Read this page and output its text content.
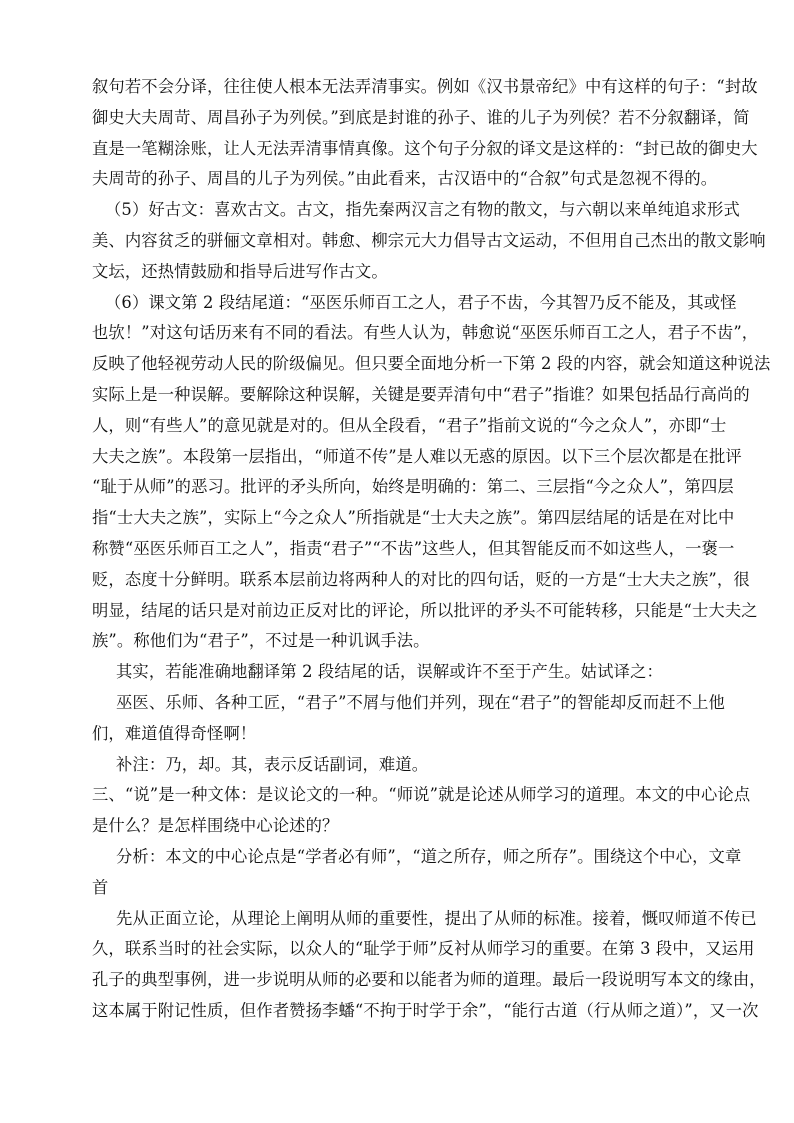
叙句若不会分译，往往使人根本无法弄清事实。例如《汉书景帝纪》中有这样的句子：“封故
御史大夫周苛、周昌孙子为列侯。”到底是封谁的孙子、谁的儿子为列侯？若不分叙翻译，简
直是一笔糊涂账，让人无法弄清事情真像。这个句子分叙的译文是这样的：“封已故的御史大
夫周苛的孙子、周昌的儿子为列侯。”由此看来，古汉语中的“合叙”句式是忽视不得的。
（5）好古文：喜欢古文。古文，指先秦两汉言之有物的散文，与六朝以来单纯追求形式
美、内容贫乏的骈俪文章相对。韩愈、柳宗元大力倡导古文运动，不但用自己杰出的散文影响
文坛，还热情鼓励和指导后进写作古文。
（6）课文第 2 段结尾道：“巫医乐师百工之人，君子不齿，今其智乃反不能及，其或怪
也欤！”对这句话历来有不同的看法。有些人认为，韩愈说“巫医乐师百工之人，君子不齿”，
反映了他轻视劳动人民的阶级偏见。但只要全面地分析一下第 2 段的内容，就会知道这种说法
实际上是一种误解。要解除这种误解，关键是要弄清句中“君子”指谁？如果包括品行高尚的
人，则“有些人”的意见就是对的。但从全段看，“君子”指前文说的“今之众人”，亦即“士
大夫之族”。本段第一层指出，“师道不传”是人难以无惑的原因。以下三个层次都是在批评
“耻于从师”的恶习。批评的矛头所向，始终是明确的：第二、三层指“今之众人”，第四层
指“士大夫之族”，实际上“今之众人”所指就是“士大夫之族”。第四层结尾的话是在对比中
称赞“巫医乐师百工之人”，指责“君子”“不齿”这些人，但其智能反而不如这些人，一褒一
贬，态度十分鲜明。联系本层前边将两种人的对比的四句话，贬的一方是“士大夫之族”，很
明显，结尾的话只是对前边正反对比的评论，所以批评的矛头不可能转移，只能是“士大夫之
族”。称他们为“君子”，不过是一种讥讽手法。
其实，若能准确地翻译第 2 段结尾的话，误解或许不至于产生。姑试译之：
巫医、乐师、各种工匠，“君子”不屑与他们并列，现在“君子”的智能却反而赶不上他
们，难道值得奇怪啊！
补注：乃，却。其，表示反话副词，难道。
三、“说”是一种文体：是议论文的一种。“师说”就是论述从师学习的道理。本文的中心论点
是什么？是怎样围绕中心论述的？
分析：本文的中心论点是“学者必有师”，“道之所存，师之所存”。围绕这个中心，文章
首
先从正面立论，从理论上阐明从师的重要性，提出了从师的标准。接着，慨叹师道不传已
久，联系当时的社会实际，以众人的“耻学于师”反衬从师学习的重要。在第 3 段中，又运用
孔子的典型事例，进一步说明从师的必要和以能者为师的道理。最后一段说明写本文的缘由，
这本属于附记性质，但作者赞扬李蟠“不拘于时学于余”，“能行古道（行从师之道）”，又一次
